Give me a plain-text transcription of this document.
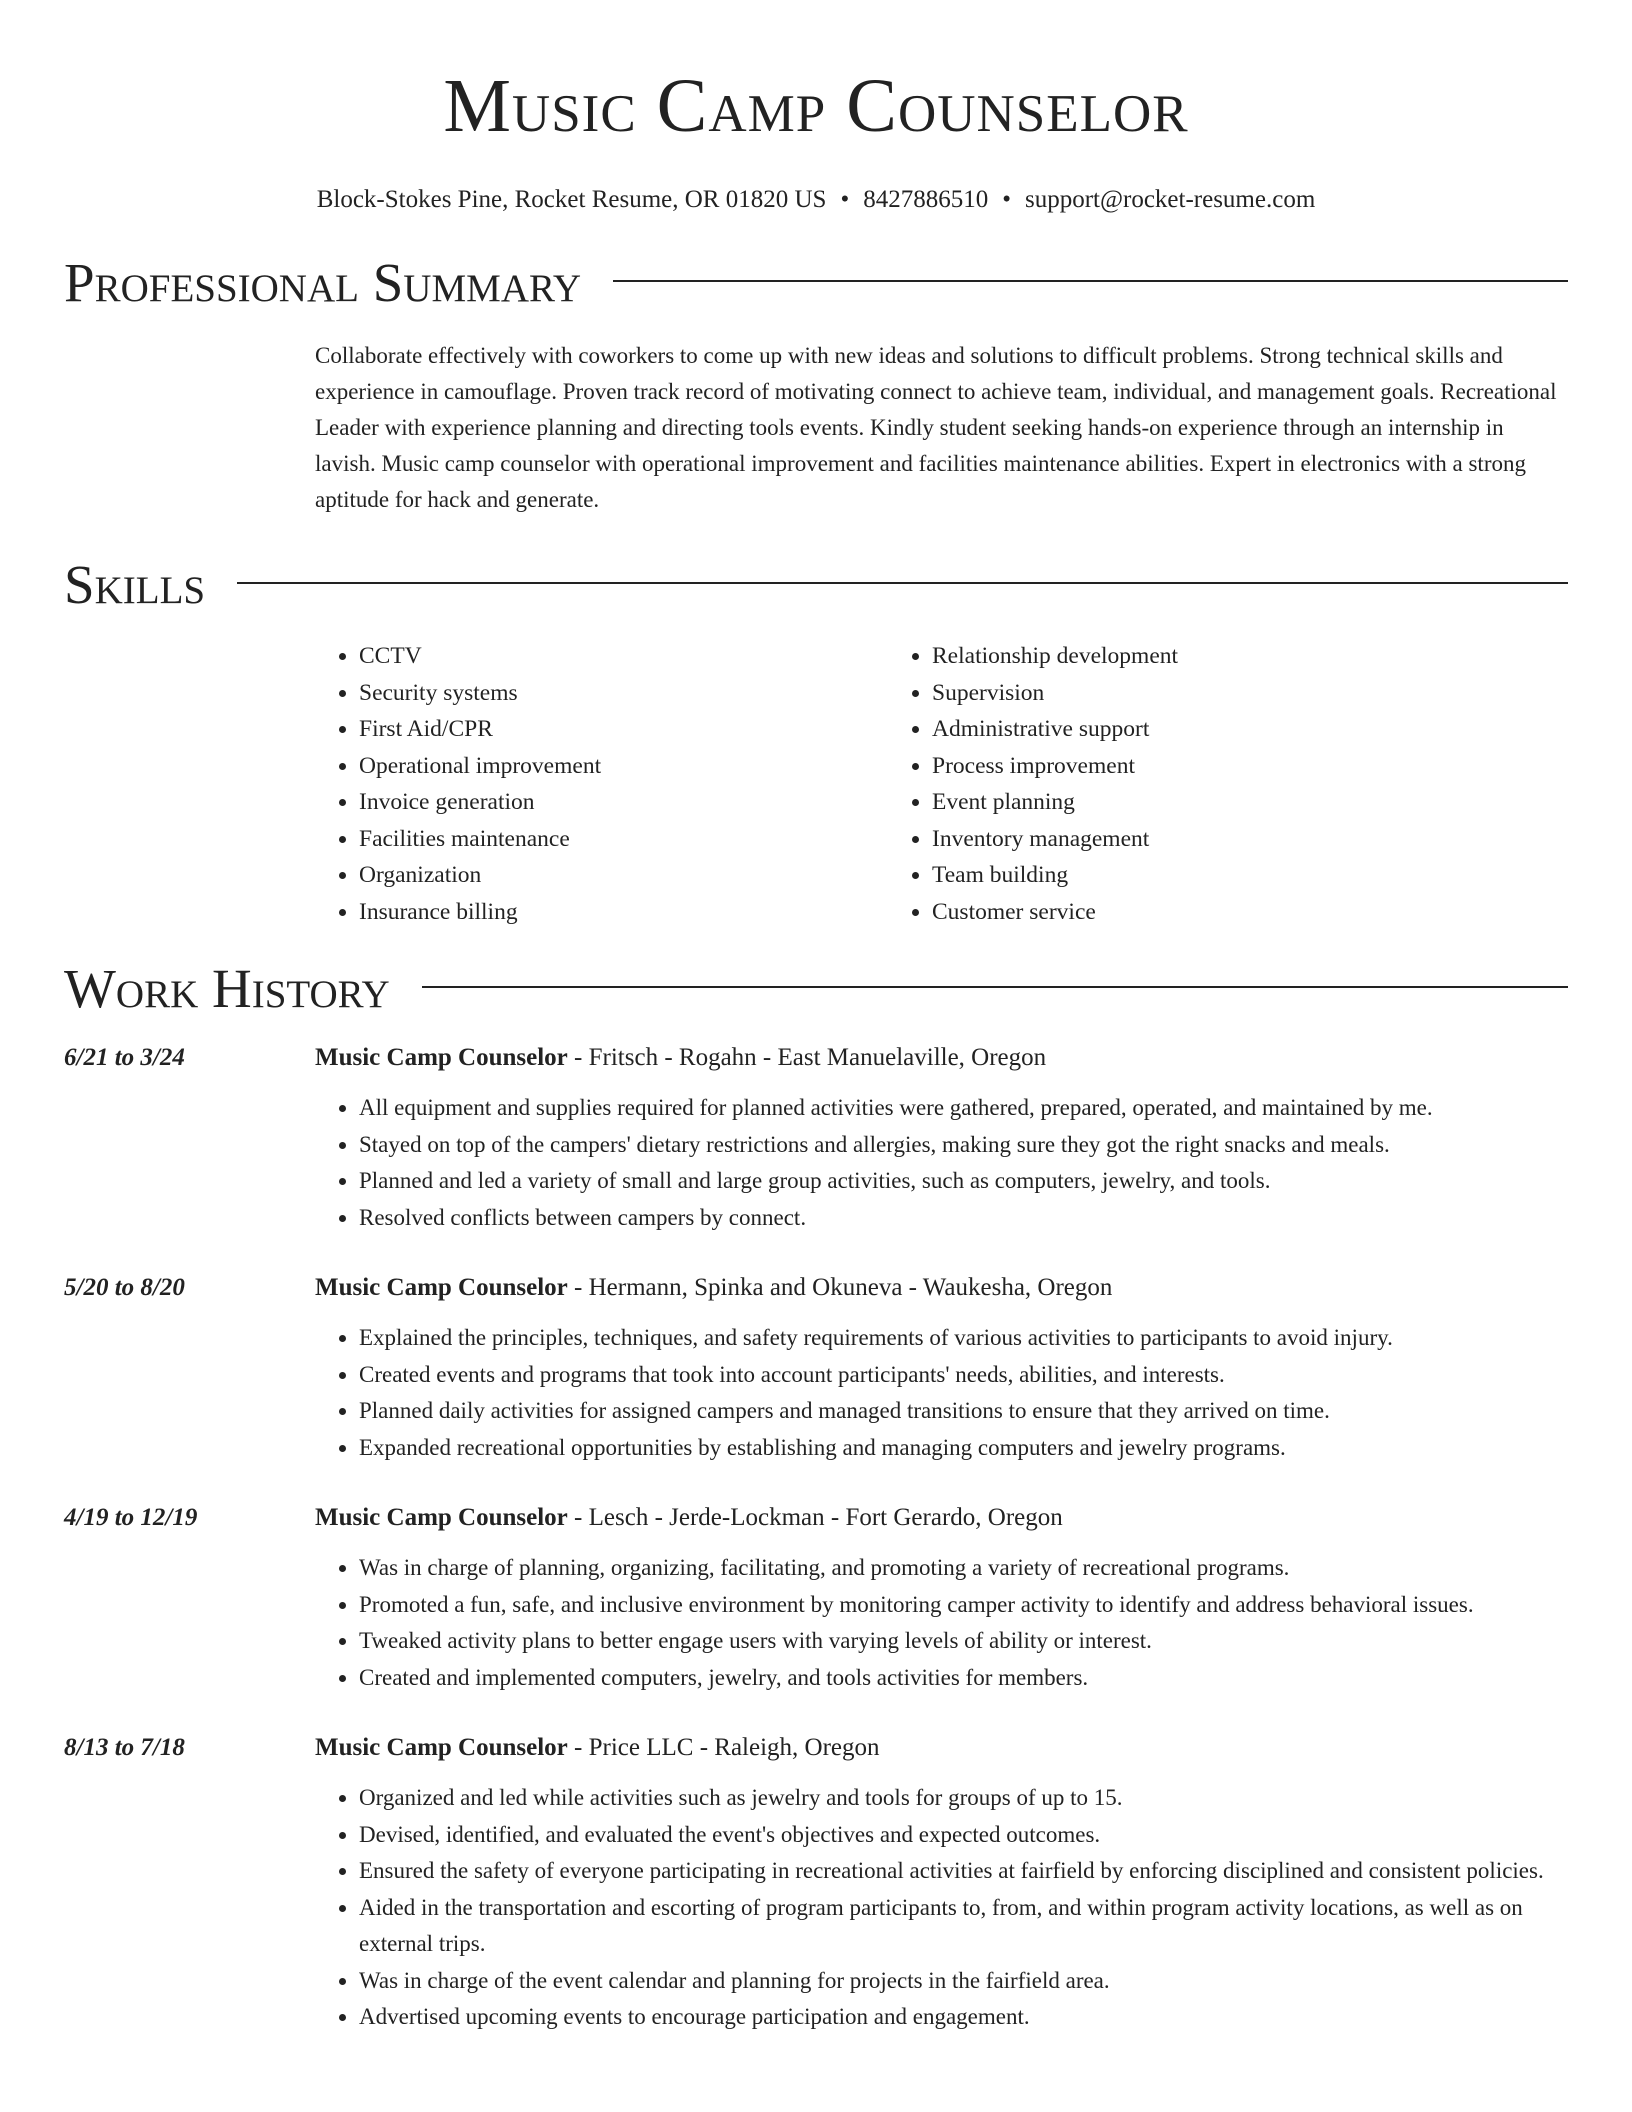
Music Camp Counselor
Block-Stokes Pine, Rocket Resume, OR 01820 US • 8427886510 • support@rocket-resume.com
Professional Summary
Collaborate effectively with coworkers to come up with new ideas and solutions to difficult problems. Strong technical skills and experience in camouflage. Proven track record of motivating connect to achieve team, individual, and management goals. Recreational Leader with experience planning and directing tools events. Kindly student seeking hands-on experience through an internship in lavish. Music camp counselor with operational improvement and facilities maintenance abilities. Expert in electronics with a strong aptitude for hack and generate.
Skills
• CCTV
• Security systems
• First Aid/CPR
• Operational improvement
• Invoice generation
• Facilities maintenance
• Organization
• Insurance billing
• Relationship development
• Supervision
• Administrative support
• Process improvement
• Event planning
• Inventory management
• Team building
• Customer service
Work History
6/21 to 3/24	Music Camp Counselor - Fritsch - Rogahn - East Manuelaville, Oregon
• All equipment and supplies required for planned activities were gathered, prepared, operated, and maintained by me.
• Stayed on top of the campers' dietary restrictions and allergies, making sure they got the right snacks and meals.
• Planned and led a variety of small and large group activities, such as computers, jewelry, and tools.
• Resolved conflicts between campers by connect.
5/20 to 8/20	Music Camp Counselor - Hermann, Spinka and Okuneva - Waukesha, Oregon
• Explained the principles, techniques, and safety requirements of various activities to participants to avoid injury.
• Created events and programs that took into account participants' needs, abilities, and interests.
• Planned daily activities for assigned campers and managed transitions to ensure that they arrived on time.
• Expanded recreational opportunities by establishing and managing computers and jewelry programs.
4/19 to 12/19	Music Camp Counselor - Lesch - Jerde-Lockman - Fort Gerardo, Oregon
• Was in charge of planning, organizing, facilitating, and promoting a variety of recreational programs.
• Promoted a fun, safe, and inclusive environment by monitoring camper activity to identify and address behavioral issues.
• Tweaked activity plans to better engage users with varying levels of ability or interest.
• Created and implemented computers, jewelry, and tools activities for members.
8/13 to 7/18	Music Camp Counselor - Price LLC - Raleigh, Oregon
• Organized and led while activities such as jewelry and tools for groups of up to 15.
• Devised, identified, and evaluated the event's objectives and expected outcomes.
• Ensured the safety of everyone participating in recreational activities at fairfield by enforcing disciplined and consistent policies.
• Aided in the transportation and escorting of program participants to, from, and within program activity locations, as well as on external trips.
• Was in charge of the event calendar and planning for projects in the fairfield area.
• Advertised upcoming events to encourage participation and engagement.
